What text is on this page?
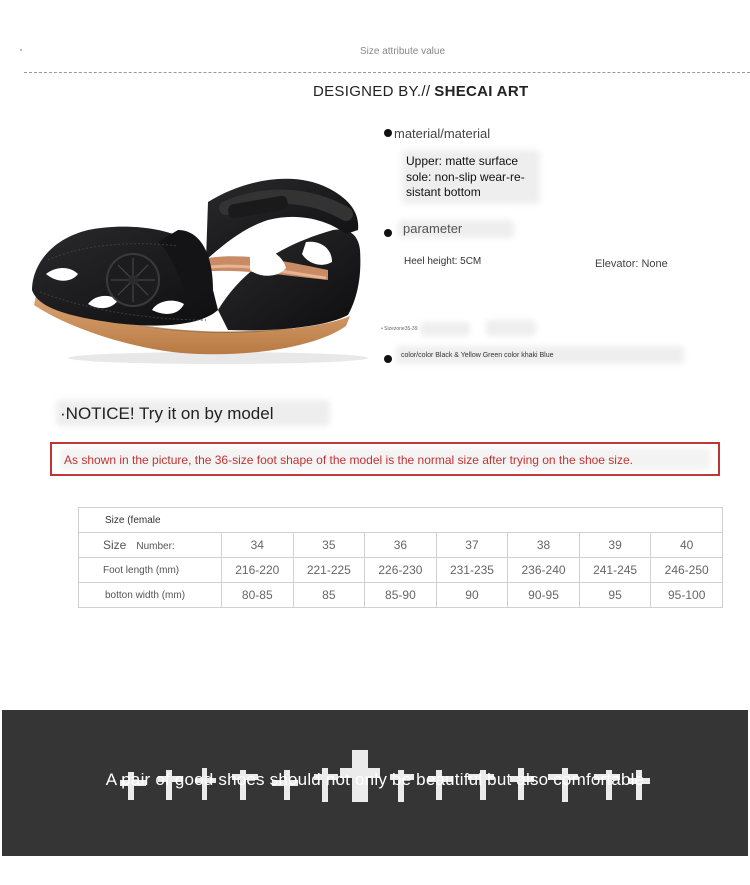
Size attribute value
DESIGNED BY.// SHECAI ART
material/material
Upper: matte surface
sole: non-slip wear-re-
sistant bottom
parameter
Heel height: 5CM	Elevator: None
• Sizezone35-39
color/color Black & Yellow Green color khaki Blue
·NOTICE! Try it on by model
As shown in the picture, the 36-size foot shape of the model is the normal size after trying on the shoe size.
Size (female							
Size Number:	34	35	36	37	38	39	40
Foot length (mm)	216-220	221-225	226-230	231-235	236-240	241-245	246-250
botton width (mm)	80-85	85	85-90	90	90-95	95	95-100
A pair of good shoes should not only be beautiful but also comfortable
